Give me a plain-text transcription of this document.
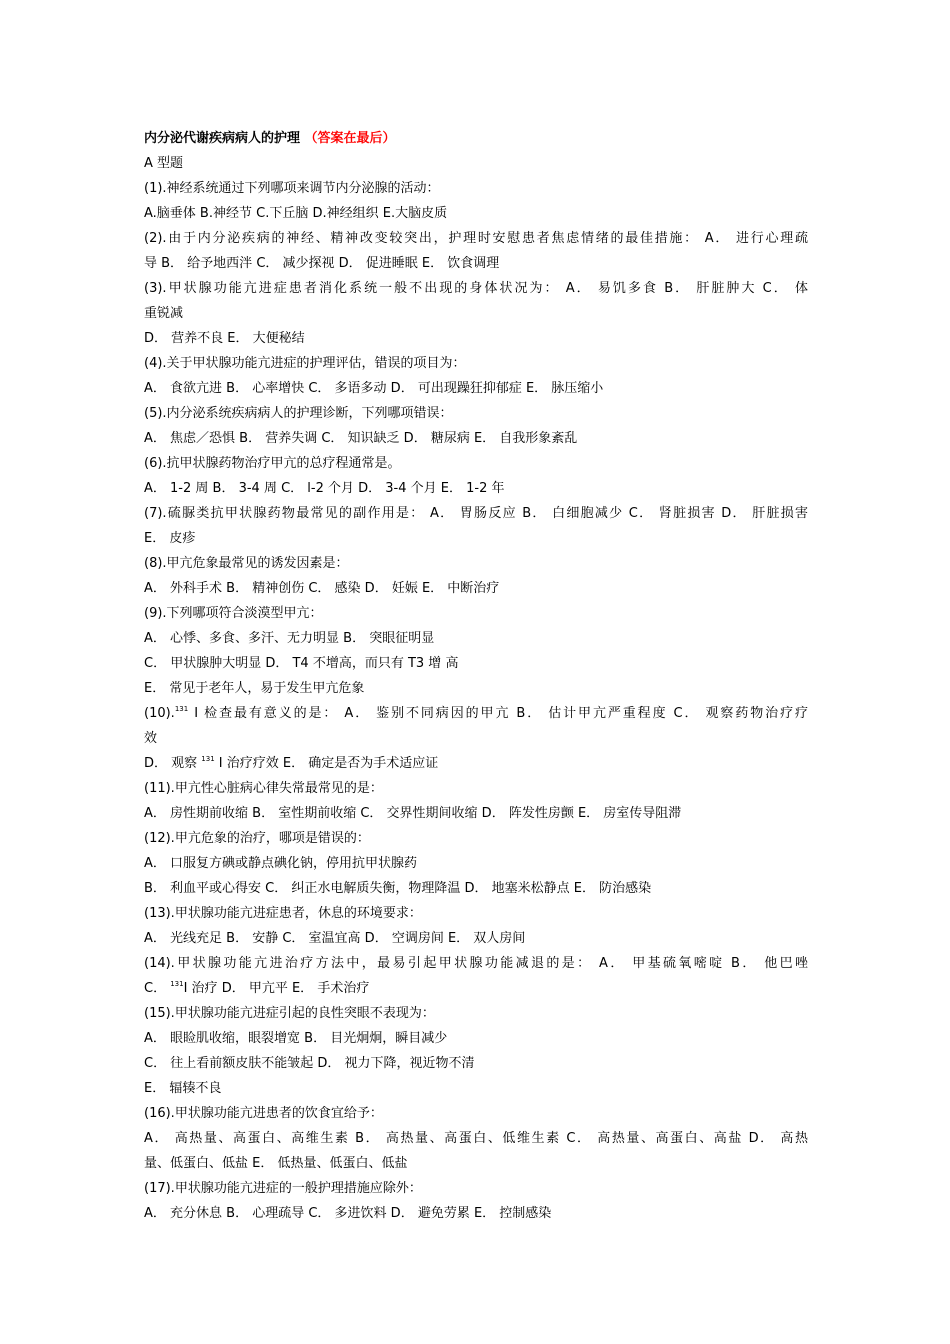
内分泌代谢疾病病人的护理 （答案在最后）
A 型题
(1).神经系统通过下列哪项来调节内分泌腺的活动：
A.脑垂体 B.神经节 C.下丘脑 D.神经组织 E.大脑皮质
(2).由于内分泌疾病的神经、精神改变较突出，护理时安慰患者焦虑情绪的最佳措施： A． 进行心理疏
导 B． 给予地西泮 C． 减少探视 D． 促进睡眠 E． 饮食调理
(3).甲状腺功能亢进症患者消化系统一般不出现的身体状况为： A． 易饥多食 B． 肝脏肿大 C． 体
重锐减
D． 营养不良 E． 大便秘结
(4).关于甲状腺功能亢进症的护理评估，错误的项目为：
A． 食欲亢进 B． 心率增快 C． 多语多动 D． 可出现躁狂抑郁症 E． 脉压缩小
(5).内分泌系统疾病病人的护理诊断，下列哪项错误：
A． 焦虑／恐惧 B． 营养失调 C． 知识缺乏 D． 糖尿病 E． 自我形象紊乱
(6).抗甲状腺药物治疗甲亢的总疗程通常是。
A． 1-2 周 B． 3-4 周 C． l-2 个月 D． 3-4 个月 E． 1-2 年
(7).硫脲类抗甲状腺药物最常见的副作用是： A． 胃肠反应 B． 白细胞减少 C． 肾脏损害 D． 肝脏损害
E． 皮疹
(8).甲亢危象最常见的诱发因素是：
A． 外科手术 B． 精神创伤 C． 感染 D． 妊娠 E． 中断治疗
(9).下列哪项符合淡漠型甲亢：
A． 心悸、多食、多汗、无力明显 B． 突眼征明显
C． 甲状腺肿大明显 D． T4 不增高，而只有 T3 增 高
E． 常见于老年人，易于发生甲亢危象
(10).$^{131}$ I 检查最有意义的是： A． 鉴别不同病因的甲亢 B． 估计甲亢严重程度 C． 观察药物治疗疗
效
D． 观察 $^{131}$ I 治疗疗效 E． 确定是否为手术适应证
(11).甲亢性心脏病心律失常最常见的是：
A． 房性期前收缩 B． 室性期前收缩 C． 交界性期间收缩 D． 阵发性房颤 E． 房室传导阻滞
(12).甲亢危象的治疗，哪项是错误的：
A． 口服复方碘或静点碘化钠，停用抗甲状腺药
B． 利血平或心得安 C． 纠正水电解质失衡，物理降温 D． 地塞米松静点 E． 防治感染
(13).甲状腺功能亢进症患者，休息的环境要求：
A． 光线充足 B． 安静 C． 室温宜高 D． 空调房间 E． 双人房间
(14).甲状腺功能亢进治疗方法中，最易引起甲状腺功能减退的是： A． 甲基硫氧嘧啶 B． 他巴唑
C． $^{131}$I 治疗 D． 甲亢平 E． 手术治疗
(15).甲状腺功能亢进症引起的良性突眼不表现为：
A． 眼睑肌收缩，眼裂增宽 B． 目光炯炯，瞬目减少
C． 往上看前额皮肤不能皱起 D． 视力下降，视近物不清
E． 辐辏不良
(16).甲状腺功能亢进患者的饮食宜给予：
A． 高热量、高蛋白、高维生素 B． 高热量、高蛋白、低维生素 C． 高热量、高蛋白、高盐 D． 高热
量、低蛋白、低盐 E． 低热量、低蛋白、低盐
(17).甲状腺功能亢进症的一般护理措施应除外：
A． 充分休息 B． 心理疏导 C． 多进饮料 D． 避免劳累 E． 控制感染
